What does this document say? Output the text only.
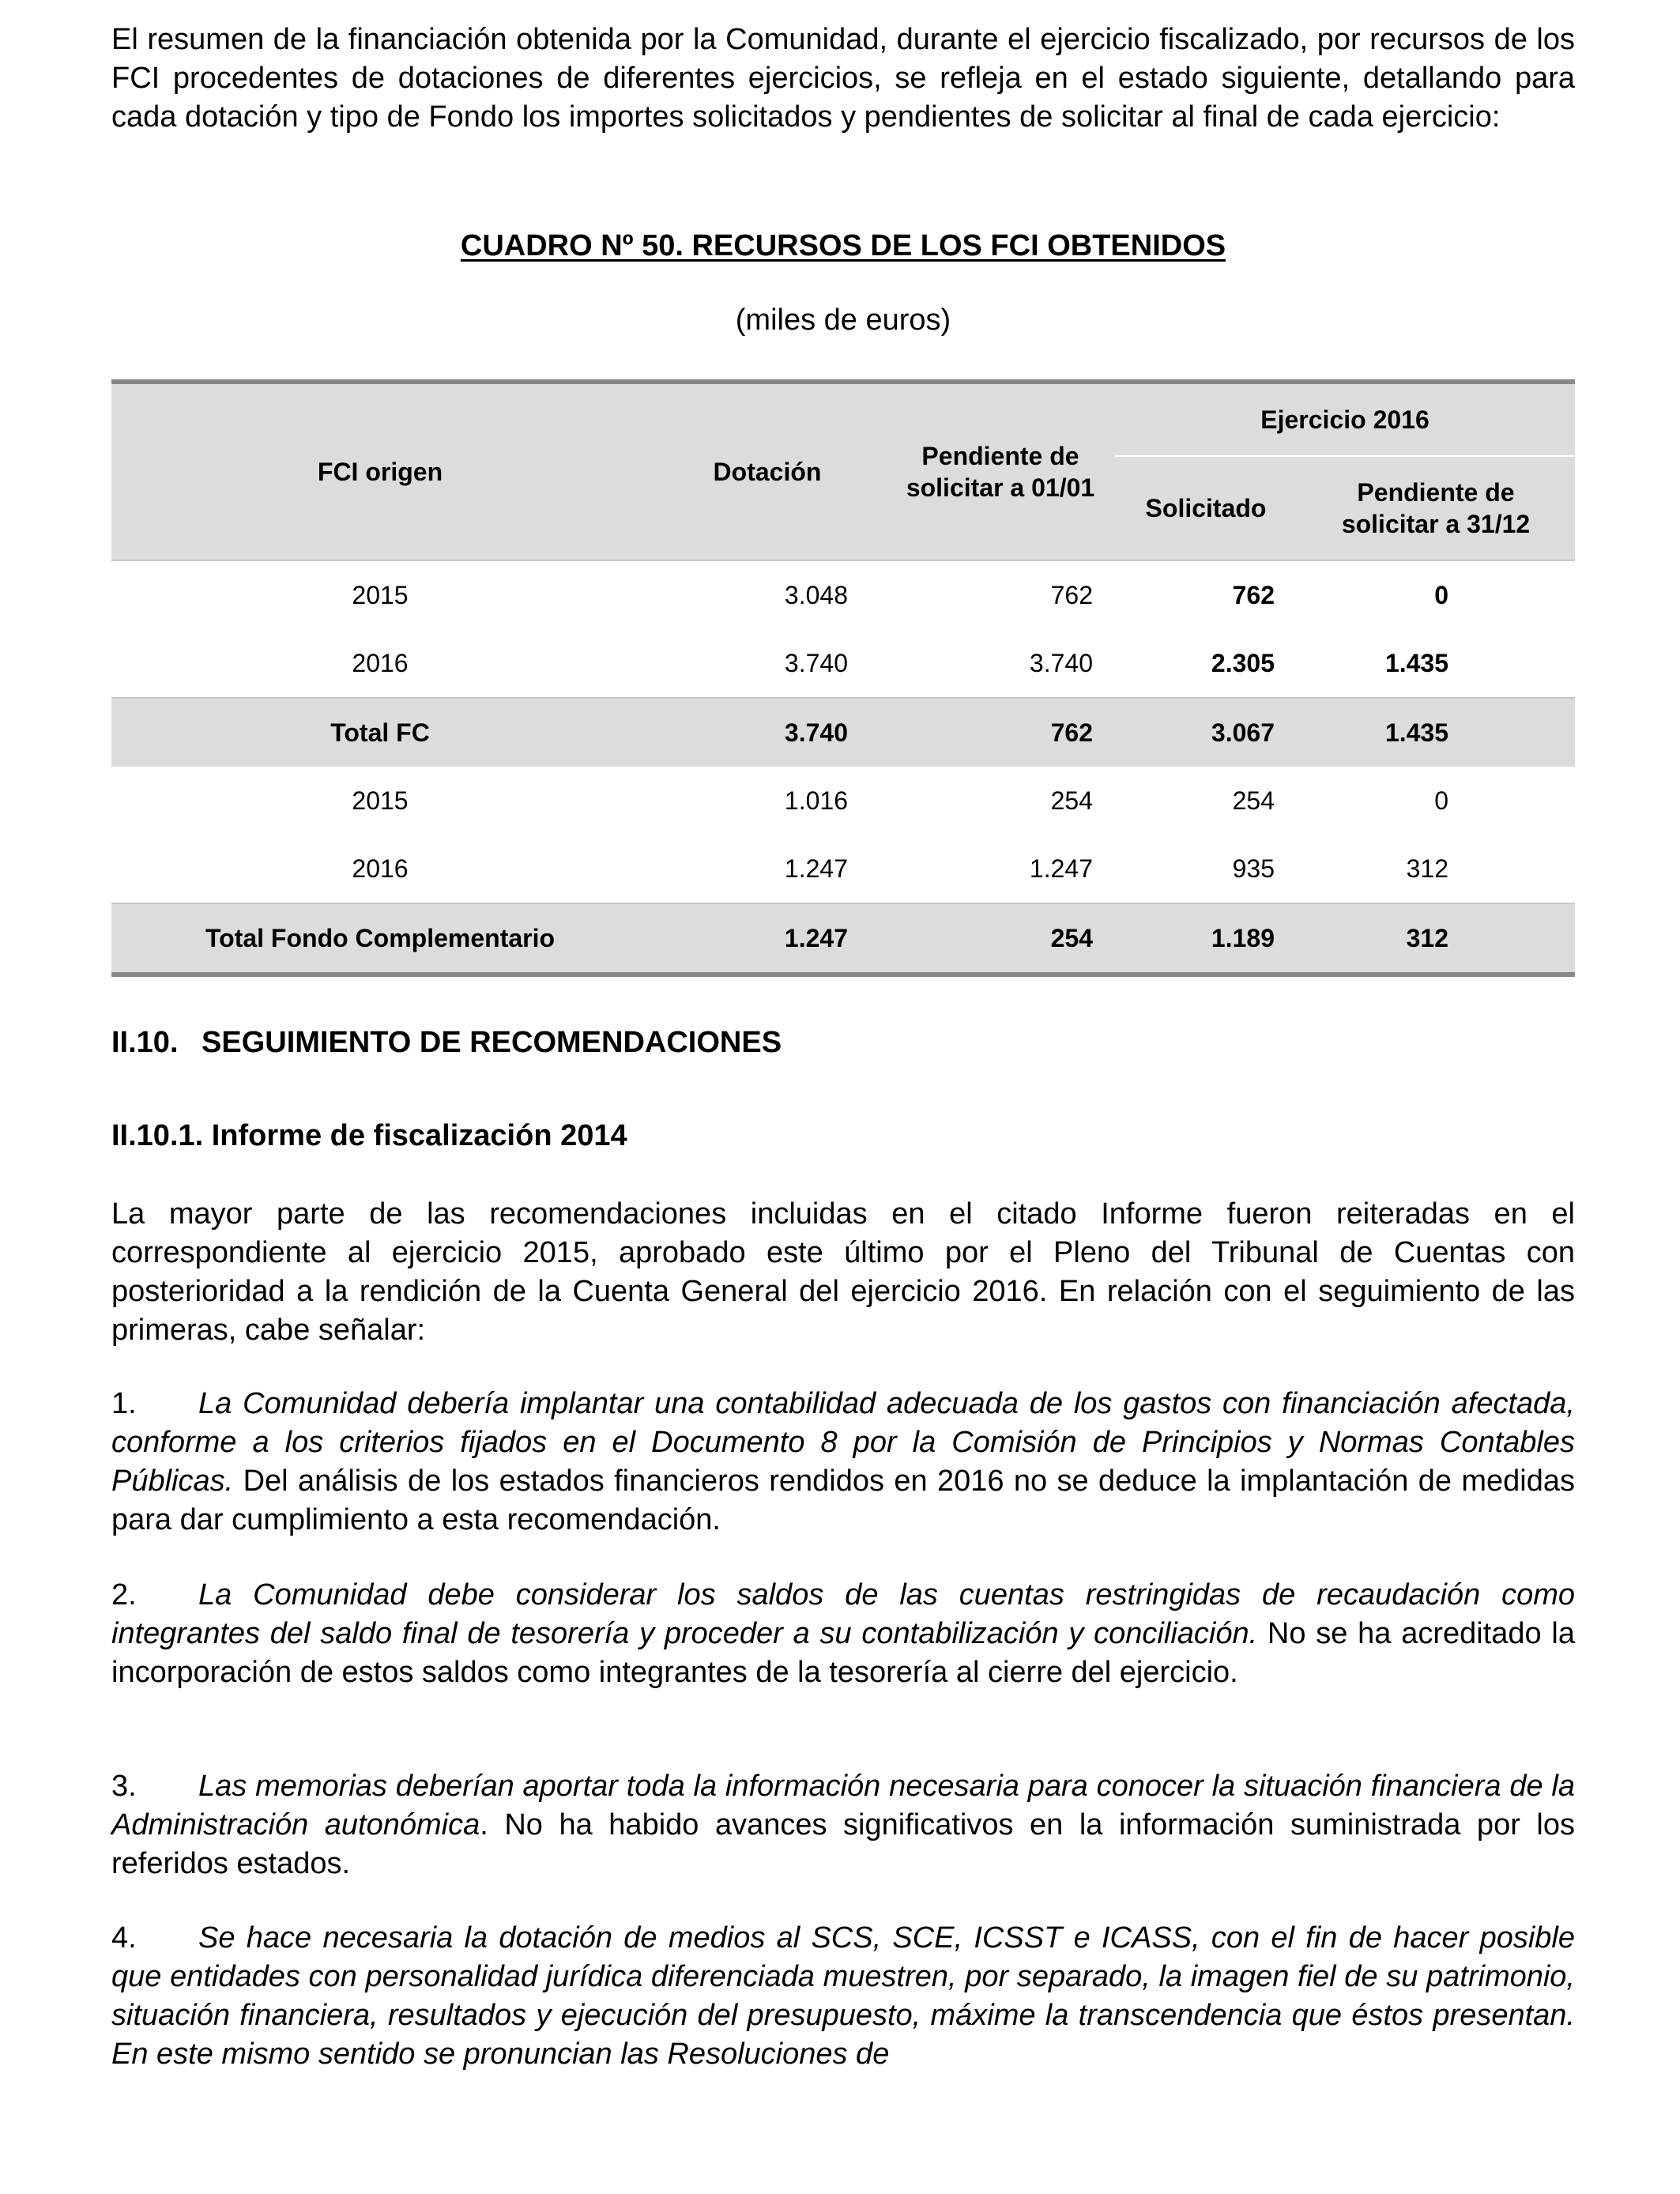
El resumen de la financiación obtenida por la Comunidad, durante el ejercicio fiscalizado, por recursos de los FCI procedentes de dotaciones de diferentes ejercicios, se refleja en el estado siguiente, detallando para cada dotación y tipo de Fondo los importes solicitados y pendientes de solicitar al final de cada ejercicio:

CUADRO Nº 50. RECURSOS DE LOS FCI OBTENIDOS
(miles de euros)
FCI origen	Dotación	Pendiente de solicitar a 01/01	Ejercicio 2016	
			Solicitado	Pendiente de solicitar a 31/12
2015	3.048	762	762	0
2016	3.740	3.740	2.305	1.435
Total FC	3.740	762	3.067	1.435
2015	1.016	254	254	0
2016	1.247	1.247	935	312
Total Fondo Complementario	1.247	254	1.189	312
II.10. SEGUIMIENTO DE RECOMENDACIONES
II.10.1. Informe de fiscalización 2014

La mayor parte de las recomendaciones incluidas en el citado Informe fueron reiteradas en el correspondiente al ejercicio 2015, aprobado este último por el Pleno del Tribunal de Cuentas con posterioridad a la rendición de la Cuenta General del ejercicio 2016. En relación con el seguimiento de las primeras, cabe señalar:

1. La Comunidad debería implantar una contabilidad adecuada de los gastos con financiación afectada, conforme a los criterios fijados en el Documento 8 por la Comisión de Principios y Normas Contables Públicas. Del análisis de los estados financieros rendidos en 2016 no se deduce la implantación de medidas para dar cumplimiento a esta recomendación.

2. La Comunidad debe considerar los saldos de las cuentas restringidas de recaudación como integrantes del saldo final de tesorería y proceder a su contabilización y conciliación. No se ha acreditado la incorporación de estos saldos como integrantes de la tesorería al cierre del ejercicio.

3. Las memorias deberían aportar toda la información necesaria para conocer la situación financiera de la Administración autonómica. No ha habido avances significativos en la información suministrada por los referidos estados.

4. Se hace necesaria la dotación de medios al SCS, SCE, ICSST e ICASS, con el fin de hacer posible que entidades con personalidad jurídica diferenciada muestren, por separado, la imagen fiel de su patrimonio, situación financiera, resultados y ejecución del presupuesto, máxime la transcendencia que éstos presentan. En este mismo sentido se pronuncian las Resoluciones de
